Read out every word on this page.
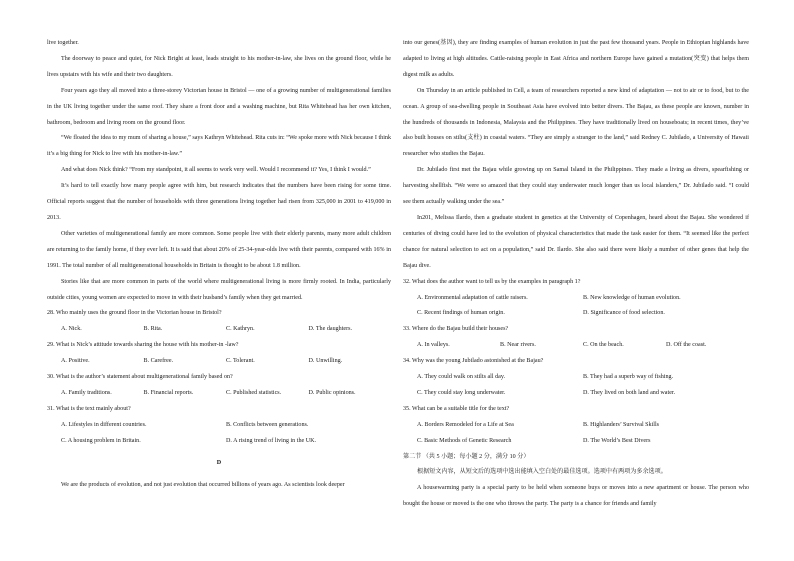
live together.

The doorway to peace and quiet, for Nick Bright at least, leads straight to his mother-in-law, she lives on the ground floor, while he lives upstairs with his wife and their two daughters.

Four years ago they all moved into a three-storey Victorian house in Bristol — one of a growing number of multigenerational families in the UK living together under the same roof. They share a front door and a washing machine, but Rita Whitehead has her own kitchen, bathroom, bedroom and living room on the ground floor.

“We floated the idea to my mum of sharing a house,” says Kathryn Whitehead. Rita cuts in: “We spoke more with Nick because I think it’s a big thing for Nick to live with his mother-in-law.”

And what does Nick think? “From my standpoint, it all seems to work very well. Would I recommend it? Yes, I think I would.”

It’s hard to tell exactly how many people agree with him, but research indicates that the numbers have been rising for some time. Official reports suggest that the number of households with three generations living together had risen from 325,000 in 2001 to 419,000 in 2013.

Other varieties of multigenerational family are more common. Some people live with their elderly parents, many more adult children are returning to the family home, if they ever left. It is said that about 20% of 25-34-year-olds live with their parents, compared with 16% in 1991. The total number of all multigenerational households in Britain is thought to be about 1.8 million.

Stories like that are more common in parts of the world where multigenerational living is more firmly rooted. In India, particularly outside cities, young women are expected to move in with their husband’s family when they get married.

28. Who mainly uses the ground floor in the Victorian house in Bristol?

A. Nick.	B. Rita.	C. Kathryn.	D. The daughters.

29. What is Nick’s attitude towards sharing the house with his mother-in -law?

A. Positive.	B. Carefree.	C. Tolerant.	D. Unwilling.

30. What is the author’s statement about multigenerational family based on?

A. Family traditions.	B. Financial reports.	C. Published statistics.	D. Public opinions.

31. What is the text mainly about?

A. Lifestyles in different countries.	B. Conflicts between generations.
C. A housing problem in Britain.	D. A rising trend of living in the UK.

D

We are the products of evolution, and not just evolution that occurred billions of years ago. As scientists look deeper

into our genes(基因), they are finding examples of human evolution in just the past few thousand years. People in Ethiopian highlands have adapted to living at high altitudes. Cattle-raising people in East Africa and northern Europe have gained a mutation(突变) that helps them digest milk as adults.

On Thursday in an article published in Cell, a team of researchers reported a new kind of adaptation — not to air or to food, but to the ocean. A group of sea-dwelling people in Southeast Asia have evolved into better divers. The Bajau, as these people are known, number in the hundreds of thousands in Indonesia, Malaysia and the Philippines. They have traditionally lived on houseboats; in recent times, they’ve also built houses on stilts(支柱) in coastal waters. “They are simply a stranger to the land,” said Redney C. Jubilado, a University of Hawaii researcher who studies the Bajau.

Dr. Jubilado first met the Bajau while growing up on Samal Island in the Philippines. They made a living as divers, spearfishing or harvesting shellfish. “We were so amazed that they could stay underwater much longer than us local islanders,” Dr. Jubilado said. “I could see them actually walking under the sea.”

In201, Melissa Ilardo, then a graduate student in genetics at the University of Copenhagen, heard about the Bajau. She wondered if centuries of diving could have led to the evolution of physical characteristics that made the task easier for them. “It seemed like the perfect chance for natural selection to act on a population,” said Dr. Ilardo. She also said there were likely a number of other genes that help the Bajau dive.

32. What does the author want to tell us by the examples in paragraph 1?

A. Environmental adaptation of cattle raisers.	B. New knowledge of human evolution.
C. Recent findings of human origin.	D. Significance of food selection.

33. Where do the Bajau build their houses?

A. In valleys.	B. Near rivers.	C. On the beach.	D. Off the coast.

34. Why was the young Jubilado astonished at the Bajau?

A. They could walk on stilts all day.	B. They had a superb way of fishing.
C. They could stay long underwater.	D. They lived on both land and water.

35. What can be a suitable title for the text?

A. Borders Remodeled for a Life at Sea	B. Highlanders’ Survival Skills
C. Basic Methods of Genetic Research	D. The World’s Best Divers

第二节 （共 5 小题；每小题 2 分，满分 10 分）

根据短文内容，从短文后的选项中选出能填入空白处的最佳选项。选项中有两项为多余选项。

A housewarming party is a special party to be held when someone buys or moves into a new apartment or house. The person who bought the house or moved is the one who throws the party. The party is a chance for friends and family
